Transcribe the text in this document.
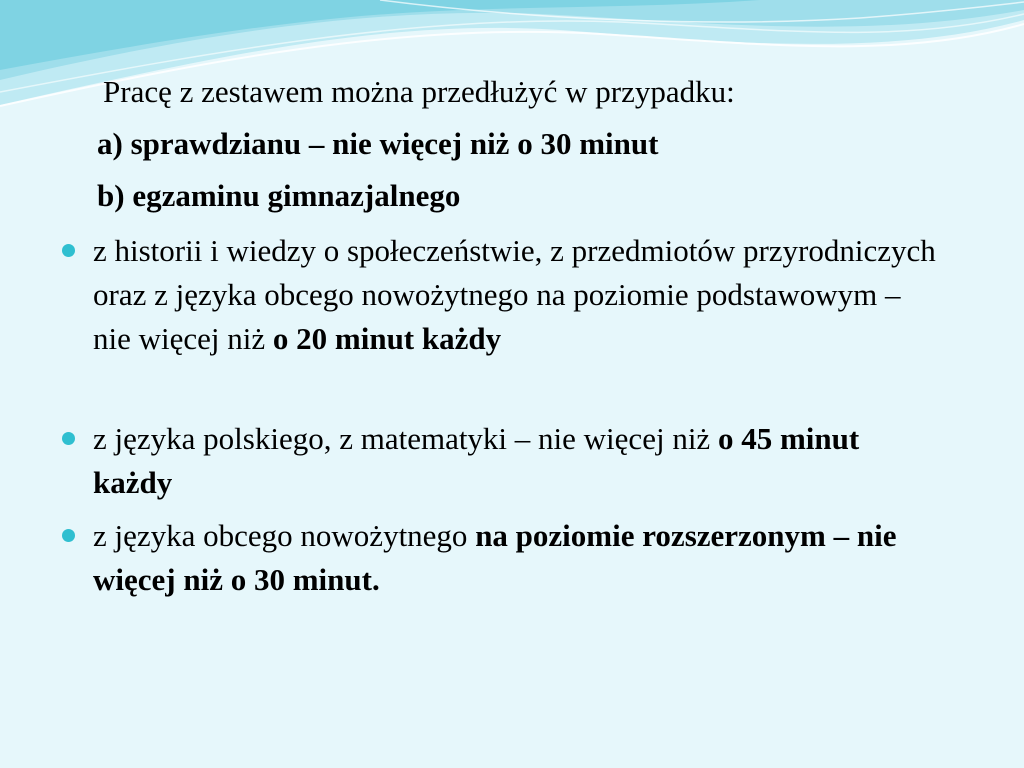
Pracę z zestawem można przedłużyć w przypadku:
a) sprawdzianu – nie więcej niż o 30 minut
b) egzaminu gimnazjalnego
z historii i wiedzy o społeczeństwie, z przedmiotów przyrodniczych oraz z języka obcego nowożytnego na poziomie podstawowym – nie więcej niż o 20 minut każdy
z języka polskiego, z matematyki – nie więcej niż o 45 minut każdy
z języka obcego nowożytnego na poziomie rozszerzonym – nie więcej niż o 30 minut.
